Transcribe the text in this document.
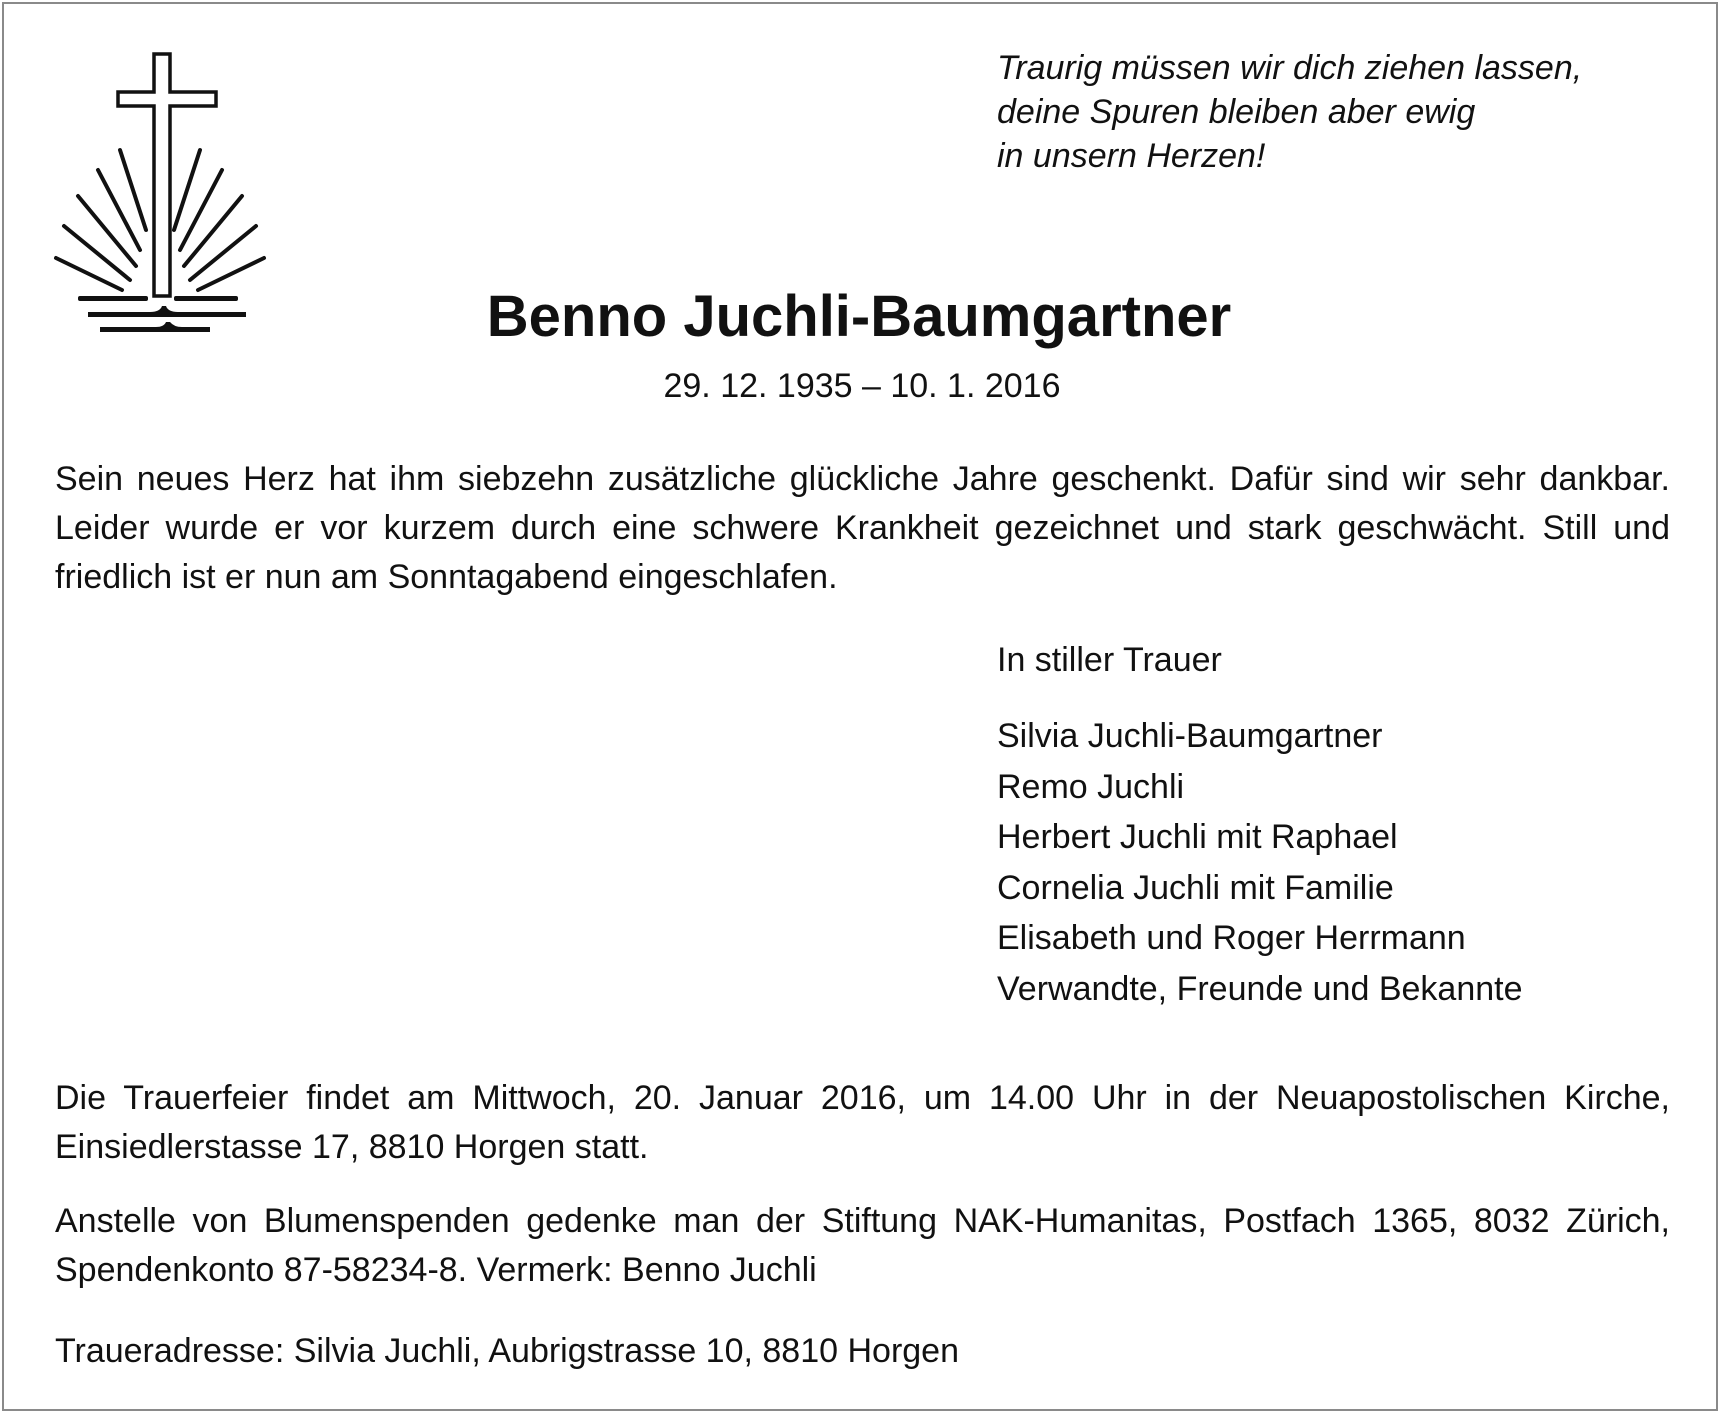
Traurig müssen wir dich ziehen lassen,
deine Spuren bleiben aber ewig
in unsern Herzen!
Benno Juchli-Baumgartner
29. 12. 1935 – 10. 1. 2016

Sein neues Herz hat ihm siebzehn zusätzliche glückliche Jahre geschenkt. Dafür sind wir sehr dankbar. Leider wurde er vor kurzem durch eine schwere Krankheit gezeichnet und stark geschwächt. Still und friedlich ist er nun am Sonntagabend eingeschlafen.

In stiller Trauer
Silvia Juchli-Baumgartner
Remo Juchli
Herbert Juchli mit Raphael
Cornelia Juchli mit Familie
Elisabeth und Roger Herrmann
Verwandte, Freunde und Bekannte

Die Trauerfeier findet am Mittwoch, 20. Januar 2016, um 14.00 Uhr in der Neuapostolischen Kirche, Einsiedlerstasse 17, 8810 Horgen statt.

Anstelle von Blumenspenden gedenke man der Stiftung NAK-Humanitas, Postfach 1365, 8032 Zürich, Spendenkonto 87-58234-8. Vermerk: Benno Juchli

Traueradresse: Silvia Juchli, Aubrigstrasse 10, 8810 Horgen
